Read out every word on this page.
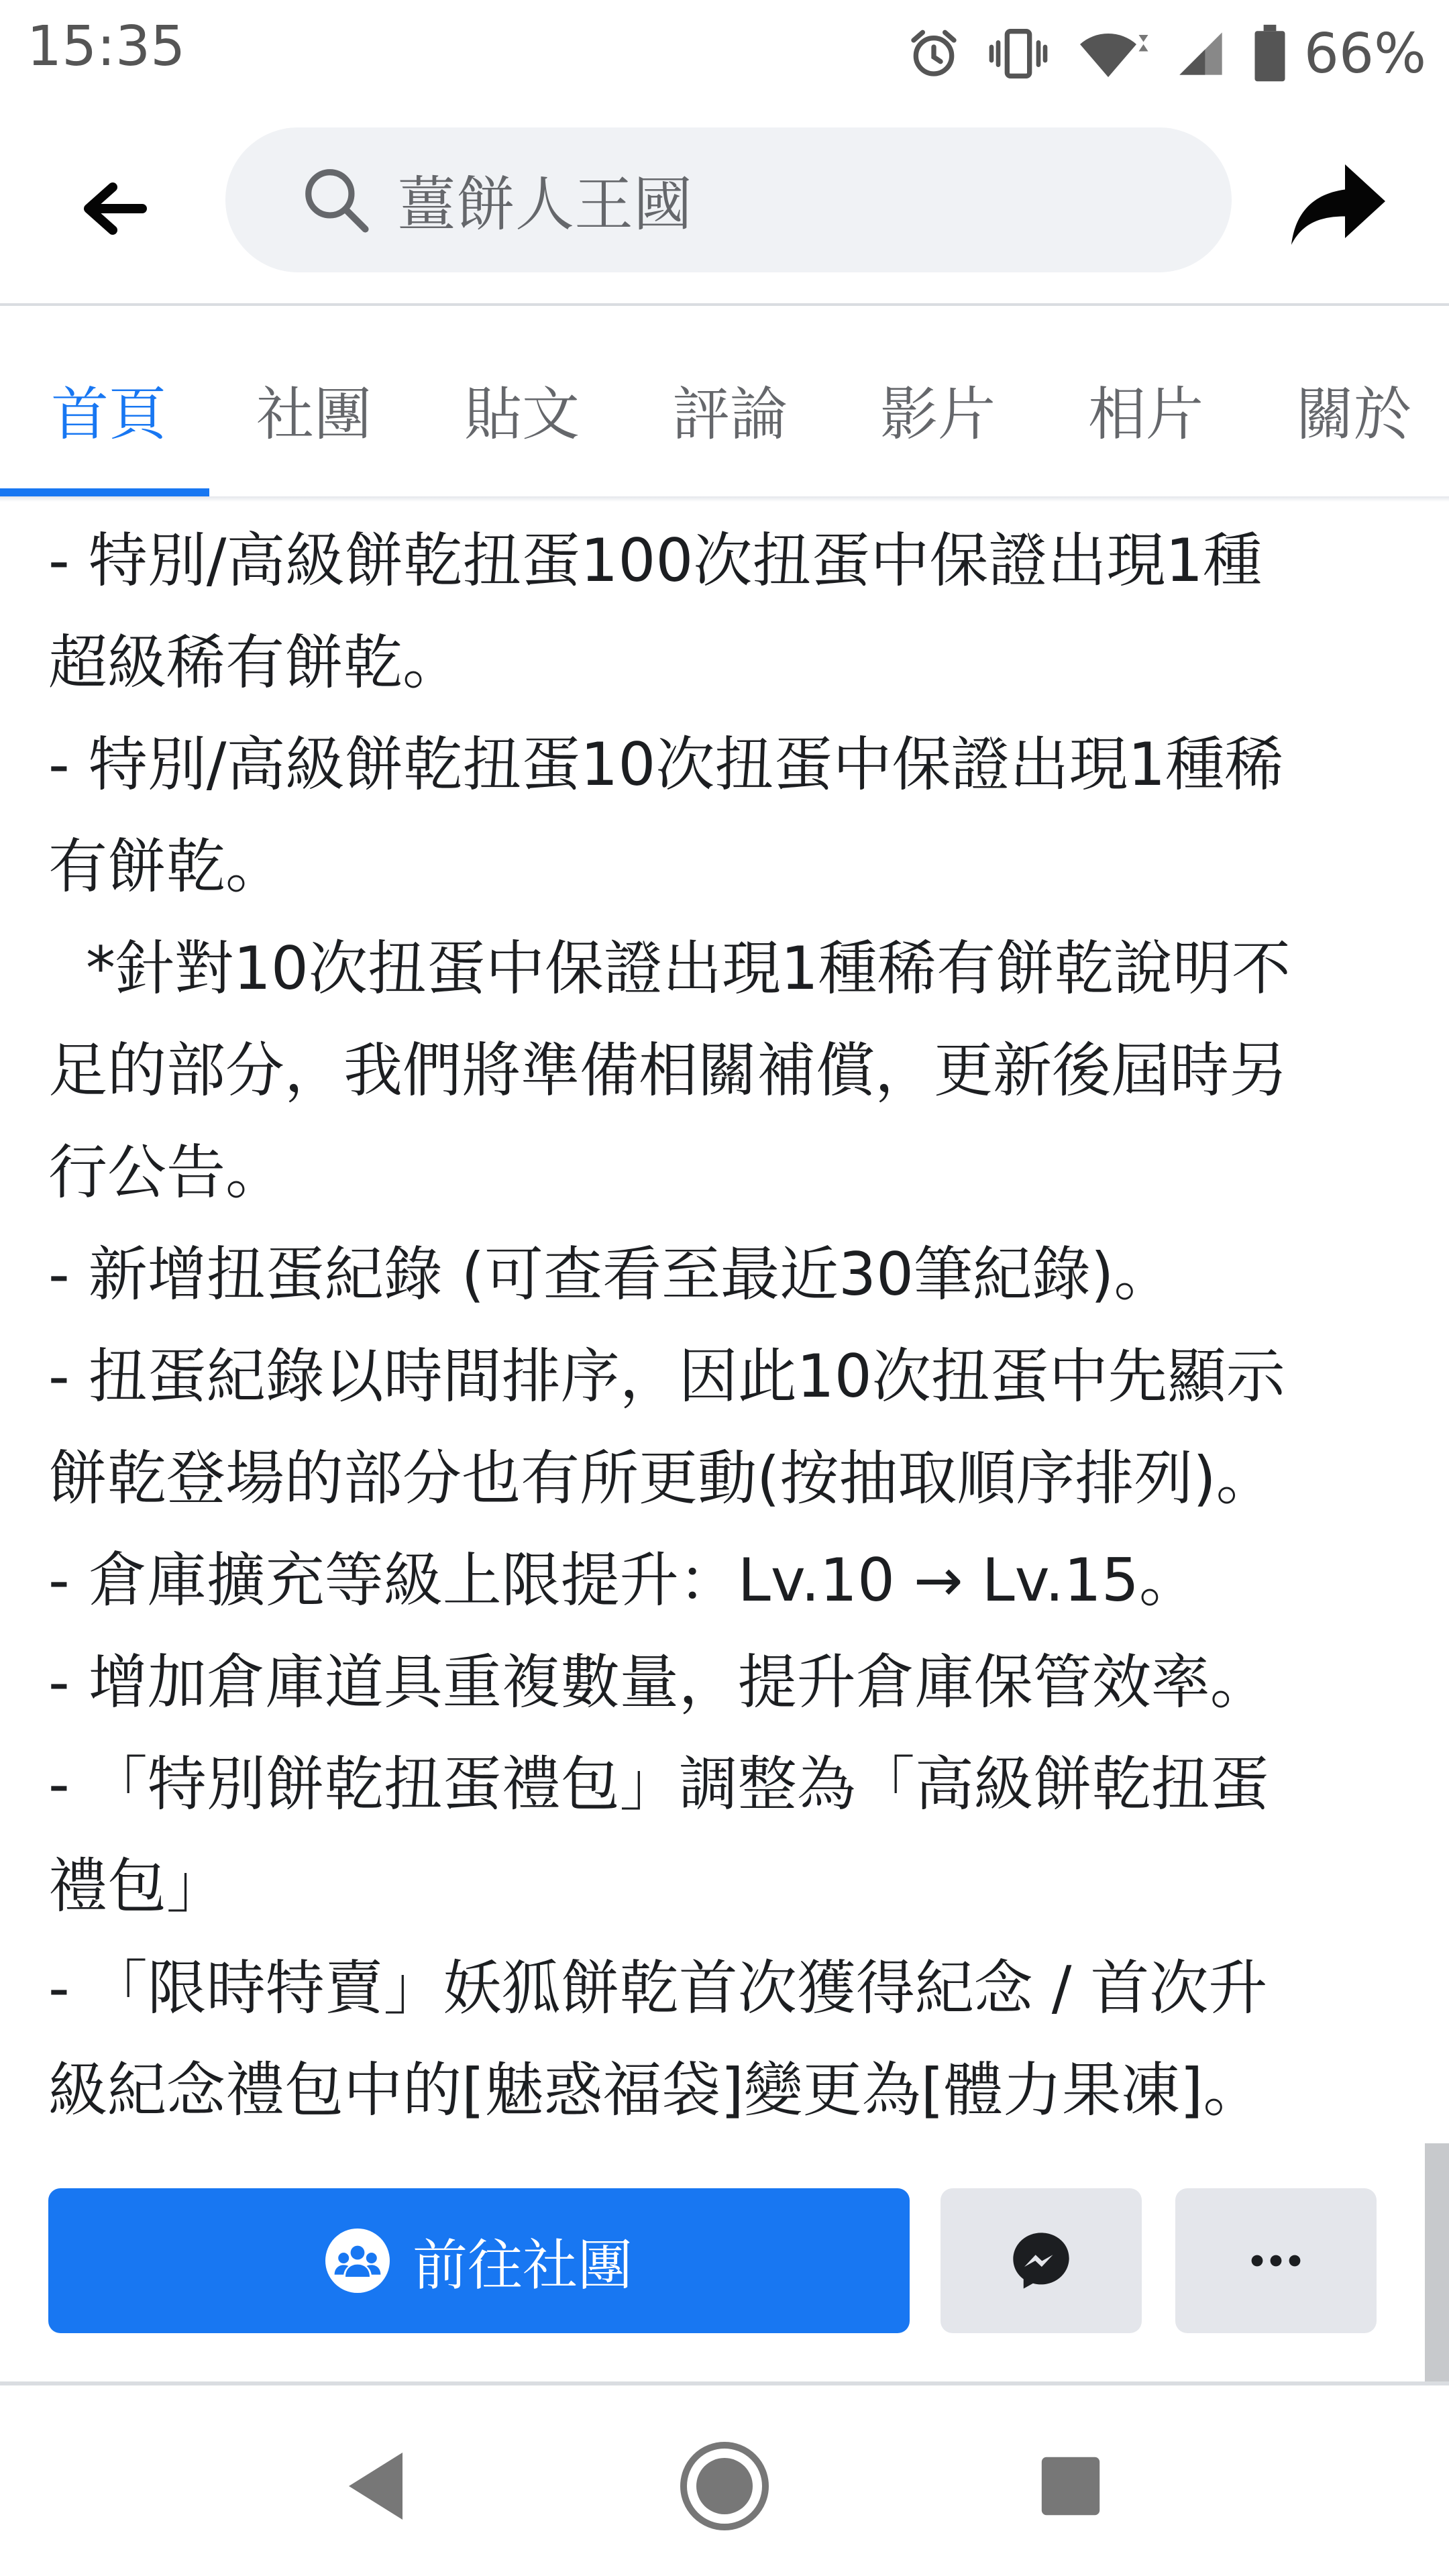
15:35	66%
薑餅人王國
首頁 社團 貼文 評論 影片 相片 關於
- 特別/高級餅乾扭蛋100次扭蛋中保證出現1種
超級稀有餅乾。
- 特別/高級餅乾扭蛋10次扭蛋中保證出現1種稀
有餅乾。
*針對10次扭蛋中保證出現1種稀有餅乾說明不
足的部分，我們將準備相關補償，更新後屆時另
行公告。
- 新增扭蛋紀錄 (可查看至最近30筆紀錄)。
- 扭蛋紀錄以時間排序，因此10次扭蛋中先顯示
餅乾登場的部分也有所更動(按抽取順序排列)。
- 倉庫擴充等級上限提升：Lv.10 → Lv.15。
- 增加倉庫道具重複數量，提升倉庫保管效率。
- 「特別餅乾扭蛋禮包」調整為「高級餅乾扭蛋
禮包」
- 「限時特賣」妖狐餅乾首次獲得紀念 / 首次升
級紀念禮包中的[魅惑福袋]變更為[體力果凍]。
前往社團
